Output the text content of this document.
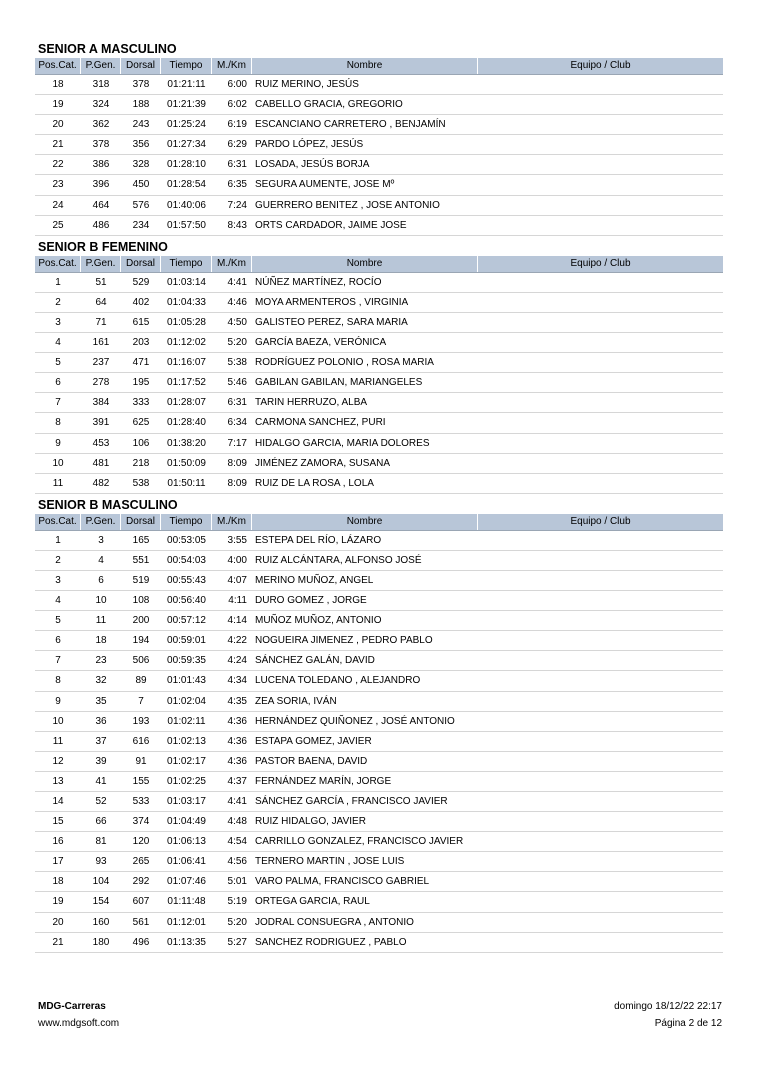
SENIOR A MASCULINO
Pos.Cat. P.Gen.	Dorsal	Tiempo	M./Km	Nombre	Equipo / Club
18	318	378	01:21:11	6:00 RUIZ MERINO, JESÚS
19	324	188	01:21:39	6:02 CABELLO GRACIA, GREGORIO
20	362	243	01:25:24	6:19 ESCANCIANO CARRETERO , BENJAMÍN
21	378	356	01:27:34	6:29 PARDO LÓPEZ, JESÚS
22	386	328	01:28:10	6:31 LOSADA, JESÚS BORJA
23	396	450	01:28:54	6:35 SEGURA AUMENTE, JOSE Mº
24	464	576	01:40:06	7:24 GUERRERO BENITEZ , JOSE ANTONIO
25	486	234	01:57:50	8:43 ORTS CARDADOR, JAIME JOSE
SENIOR B FEMENINO
Pos.Cat. P.Gen.	Dorsal	Tiempo	M./Km	Nombre	Equipo / Club
1	51	529	01:03:14	4:41 NÚÑEZ MARTÍNEZ, ROCÍO
2	64	402	01:04:33	4:46 MOYA ARMENTEROS , VIRGINIA
3	71	615	01:05:28	4:50 GALISTEO PEREZ, SARA MARIA
4	161	203	01:12:02	5:20 GARCÍA BAEZA, VERÓNICA
5	237	471	01:16:07	5:38 RODRÍGUEZ POLONIO , ROSA MARIA
6	278	195	01:17:52	5:46 GABILAN GABILAN, MARIANGELES
7	384	333	01:28:07	6:31 TARIN HERRUZO, ALBA
8	391	625	01:28:40	6:34 CARMONA SANCHEZ, PURI
9	453	106	01:38:20	7:17 HIDALGO GARCIA, MARIA DOLORES
10	481	218	01:50:09	8:09 JIMÉNEZ ZAMORA, SUSANA
11	482	538	01:50:11	8:09 RUIZ DE LA ROSA , LOLA
SENIOR B MASCULINO
Pos.Cat. P.Gen.	Dorsal	Tiempo	M./Km	Nombre	Equipo / Club
1	3	165	00:53:05	3:55 ESTEPA DEL RÍO, LÁZARO
2	4	551	00:54:03	4:00 RUIZ ALCÁNTARA, ALFONSO JOSÉ
3	6	519	00:55:43	4:07 MERINO MUÑOZ, ANGEL
4	10	108	00:56:40	4:11 DURO GOMEZ , JORGE
5	11	200	00:57:12	4:14 MUÑOZ MUÑOZ, ANTONIO
6	18	194	00:59:01	4:22 NOGUEIRA JIMENEZ , PEDRO PABLO
7	23	506	00:59:35	4:24 SÁNCHEZ GALÁN, DAVID
8	32	89	01:01:43	4:34 LUCENA TOLEDANO , ALEJANDRO
9	35	7	01:02:04	4:35 ZEA SORIA, IVÁN
10	36	193	01:02:11	4:36 HERNÁNDEZ QUIÑONEZ , JOSÉ ANTONIO
11	37	616	01:02:13	4:36 ESTAPA GOMEZ, JAVIER
12	39	91	01:02:17	4:36 PASTOR BAENA, DAVID
13	41	155	01:02:25	4:37 FERNÁNDEZ MARÍN, JORGE
14	52	533	01:03:17	4:41 SÁNCHEZ GARCÍA , FRANCISCO JAVIER
15	66	374	01:04:49	4:48 RUIZ HIDALGO, JAVIER
16	81	120	01:06:13	4:54 CARRILLO GONZALEZ, FRANCISCO JAVIER
17	93	265	01:06:41	4:56 TERNERO MARTIN , JOSE LUIS
18	104	292	01:07:46	5:01 VARO PALMA, FRANCISCO GABRIEL
19	154	607	01:11:48	5:19 ORTEGA GARCIA, RAUL
20	160	561	01:12:01	5:20 JODRAL CONSUEGRA , ANTONIO
21	180	496	01:13:35	5:27 SANCHEZ RODRIGUEZ , PABLO
MDG-Carreras
www.mdgsoft.com
domingo 18/12/22 22:17
Página 2 de 12
